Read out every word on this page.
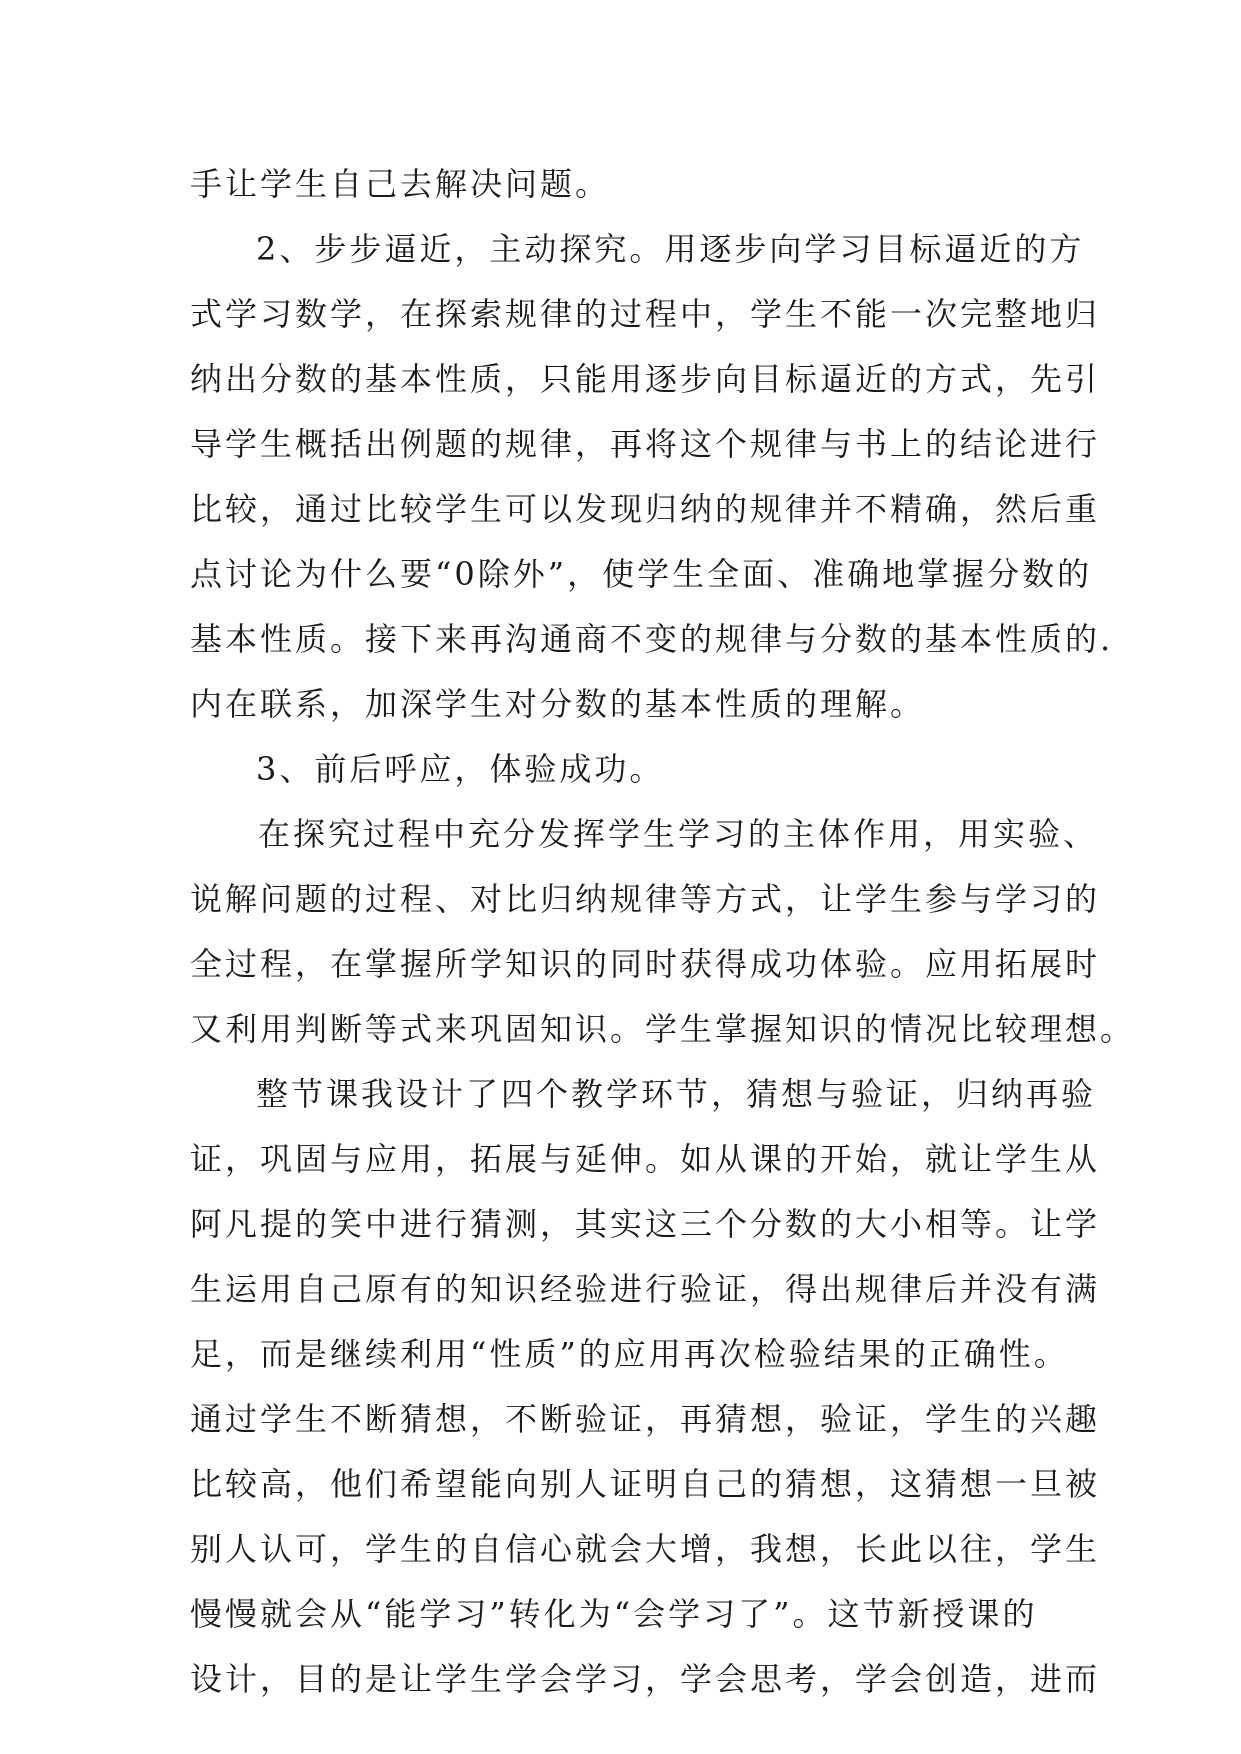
手让学生自己去解决问题。
2、步步逼近，主动探究。用逐步向学习目标逼近的方
式学习数学，在探索规律的过程中，学生不能一次完整地归
纳出分数的基本性质，只能用逐步向目标逼近的方式，先引
导学生概括出例题的规律，再将这个规律与书上的结论进行
比较，通过比较学生可以发现归纳的规律并不精确，然后重
点讨论为什么要“0除外”，使学生全面、准确地掌握分数的
基本性质。接下来再沟通商不变的规律与分数的基本性质的.
内在联系，加深学生对分数的基本性质的理解。
3、前后呼应，体验成功。
在探究过程中充分发挥学生学习的主体作用，用实验、
说解问题的过程、对比归纳规律等方式，让学生参与学习的
全过程，在掌握所学知识的同时获得成功体验。应用拓展时
又利用判断等式来巩固知识。学生掌握知识的情况比较理想。
整节课我设计了四个教学环节，猜想与验证，归纳再验
证，巩固与应用，拓展与延伸。如从课的开始，就让学生从
阿凡提的笑中进行猜测，其实这三个分数的大小相等。让学
生运用自己原有的知识经验进行验证，得出规律后并没有满
足，而是继续利用“性质”的应用再次检验结果的正确性。
通过学生不断猜想，不断验证，再猜想，验证，学生的兴趣
比较高，他们希望能向别人证明自己的猜想，这猜想一旦被
别人认可，学生的自信心就会大增，我想，长此以往，学生
慢慢就会从“能学习”转化为“会学习了”。这节新授课的
设计，目的是让学生学会学习，学会思考，学会创造，进而
